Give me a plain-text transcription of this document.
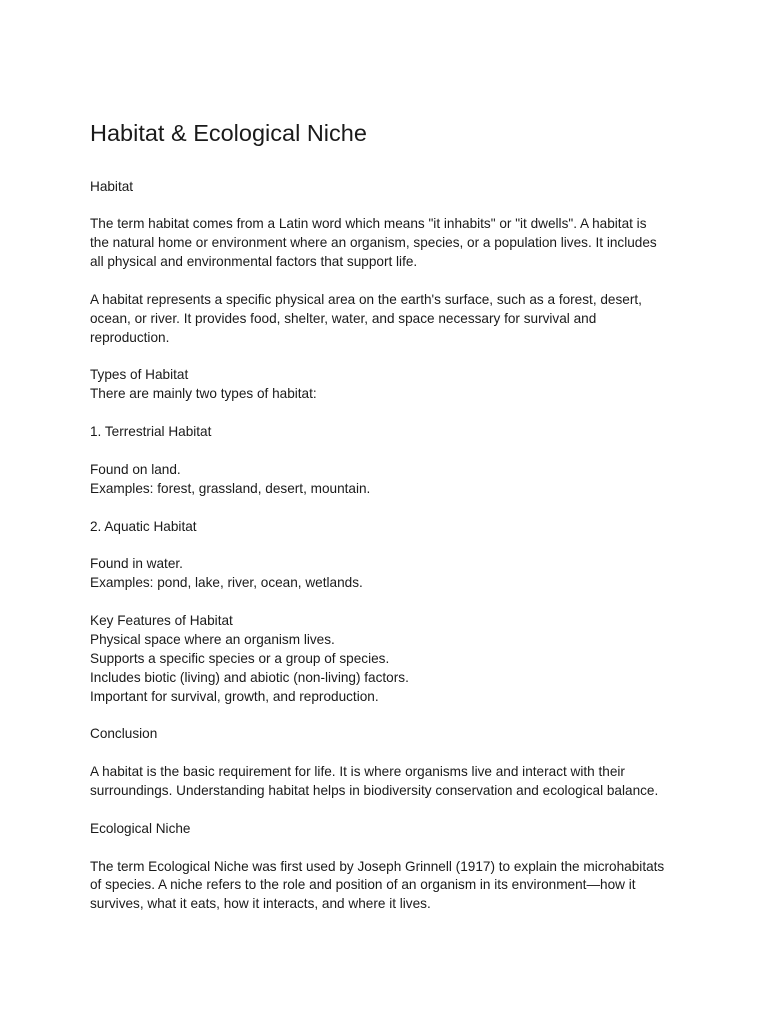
Habitat & Ecological Niche
Habitat
The term habitat comes from a Latin word which means "it inhabits" or "it dwells". A habitat is
the natural home or environment where an organism, species, or a population lives. It includes
all physical and environmental factors that support life.
A habitat represents a specific physical area on the earth's surface, such as a forest, desert,
ocean, or river. It provides food, shelter, water, and space necessary for survival and
reproduction.
Types of Habitat
There are mainly two types of habitat:
1. Terrestrial Habitat
Found on land.
Examples: forest, grassland, desert, mountain.
2. Aquatic Habitat
Found in water.
Examples: pond, lake, river, ocean, wetlands.
Key Features of Habitat
Physical space where an organism lives.
Supports a specific species or a group of species.
Includes biotic (living) and abiotic (non-living) factors.
Important for survival, growth, and reproduction.
Conclusion
A habitat is the basic requirement for life. It is where organisms live and interact with their
surroundings. Understanding habitat helps in biodiversity conservation and ecological balance.
Ecological Niche
The term Ecological Niche was first used by Joseph Grinnell (1917) to explain the microhabitats
of species. A niche refers to the role and position of an organism in its environment—how it
survives, what it eats, how it interacts, and where it lives.
